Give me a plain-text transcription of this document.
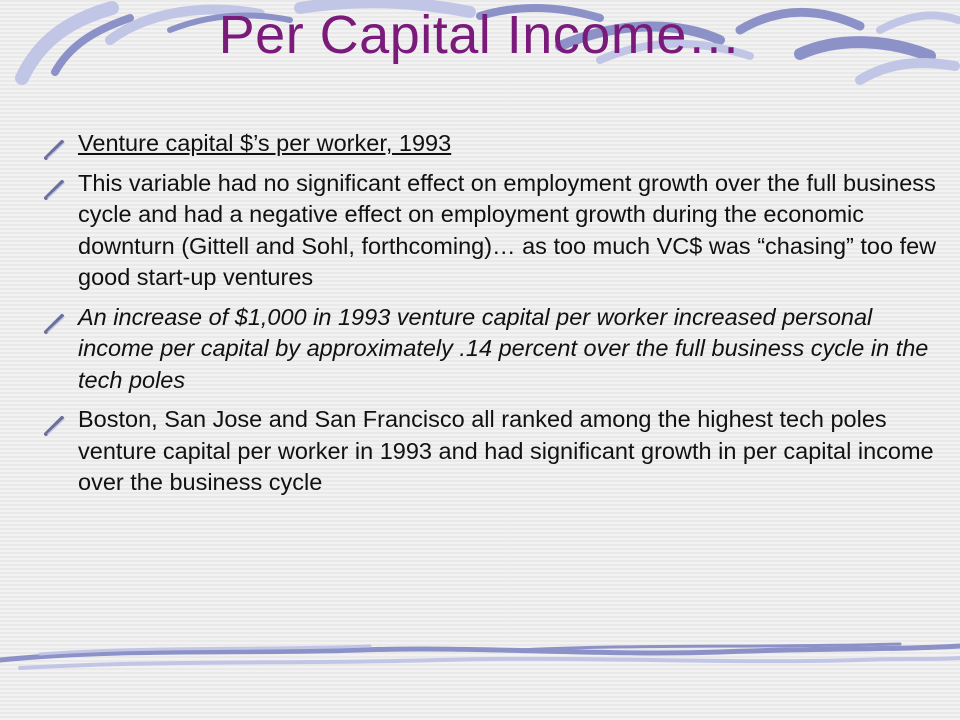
Per Capital Income…
Venture capital $’s per worker, 1993
This variable had no significant effect on employment growth over the full business cycle and had a negative effect on employment growth during the economic downturn (Gittell and Sohl, forthcoming)… as too much VC$ was “chasing” too few good start-up ventures
An increase of $1,000 in 1993 venture capital per worker increased personal income per capital by approximately .14 percent over the full business cycle in the tech poles
Boston, San Jose and San Francisco all ranked among the highest tech poles venture capital per worker in 1993 and had significant growth in per capital income over the business cycle
